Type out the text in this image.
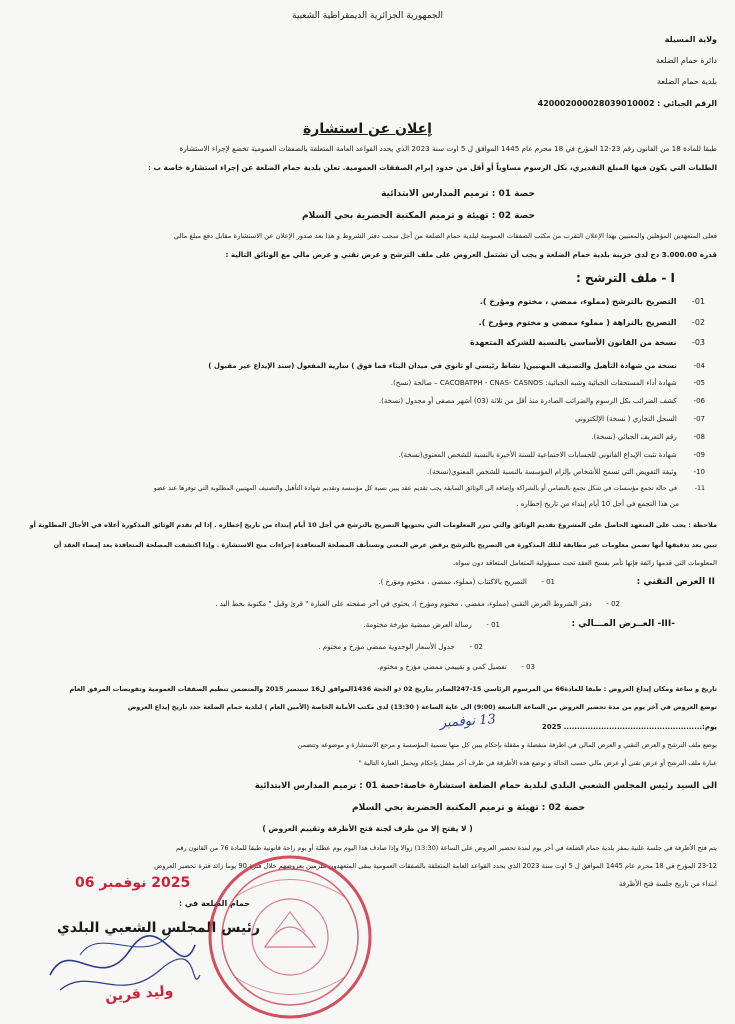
الجمهورية الجزائرية الديمقراطية الشعبية
ولاية المسيلة
دائرة حمام الضلعة
بلدية حمام الضلعة
الرقم الجبائي : 420002000028039010002
إعلان عن استشارة
طبقا للمادة 18 من القانون رقم 23-12 المؤرخ في 18 محرم عام 1445 الموافق ل 5 اوت سنة 2023 الذي يحدد القواعد العامة المتعلقة بالصفقات العمومية تخضع لإجراء الاستشارة
الطلبات التي يكون فيها المبلغ التقديري، بكل الرسوم مساوياً أو أقل من حدود إبرام الصفقات العمومية. تعلن بلدية حمام الضلعة عن إجراء استشارة خاصة ب :
حصة 01 : ترميم المدارس الابتدائية
حصة 02 : تهيئة و ترميم المكتبة الحضرية بحي السلام
فعلى المتعهدين المؤهلين والمعنيين بهذا الإعلان التقرب من مكتب الصفقات العمومية لبلدية حمام الضلعة من أجل سحب دفتر الشروط و هذا بعد صدور الإعلان عن الاستشارة مقابل دفع مبلغ مالي
قدره 3.000.00 دج لدى خزينة بلدية حمام الضلعة و يجب أن تشتمل العروض على ملف الترشح و عرض تقني و عرض مالي مع الوثائق التالية :
I - ملف الترشح :
01- التصريح بالترشح (مملوء، ممضي ، مختوم ومؤرخ ).
02- التصريح بالنزاهة ( مملوء ممضي و مختوم ومؤرخ ).
03- نسخة من القانون الأساسي بالنسبة للشركة المتعهدة
04- نسخة من شهادة التأهيل والتصنيف المهنيين( نشاط رئيسي او ثانوي في ميدان البناء فما فوق ) سارية المفعول (سند الإيداع غير مقبول )
05- شهادة أداء المستحقات الجبائية وشبه الجبائية: CACOBATPH - CNAS- CASNOS – صالحة (نسخ).
06- كشف الضرائب بكل الرسوم والضرائب الصادرة منذ أقل من ثلاثة (03) أشهر مصفى أو مجدول (نسخة).
07- السجل التجاري ( نسخة) الإلكتروني
08- رقم التعريف الجبائي (نسخة).
09- شهادة تثبت الإيداع القانوني للحسابات الاجتماعية للسنة الأخيرة بالنسبة للشخص المعنوي(نسخة).
10- وثيقة التفويض التي تسمح للأشخاص بإلزام المؤسسة بالنسبة للشخص المعنوي(نسخة).
11- في حالة تجمع مؤسسات في شكل تجمع بالتضامن أو بالشراكة وإضافة الى الوثائق السابقة يجب تقديم عقد يبين نسبة كل مؤسسة وتقديم شهادة التأهيل والتصنيف المهنيين المطلوبة التي توفرها عند عضو
من هذا التجمع في أجل 10 أيام إبتداء من تاريخ إخطاره .
ملاحظة : يجب على المتعهد الحاصل على المشروع تقديم الوثائق والتي تبرر المعلومات التي يحتويها التصريح بالترشح في أجل 10 أيام إبتداء من تاريخ إخطاره . إذا لم تقدم الوثائق المذكورة أعلاه في الأجال المطلوبة أو
تبين بعد تدقيقها أنها تضمن معلومات غير مطابقة لتلك المذكورة في التصريح بالترشح يرفض عرض المعني وتستأنف المصلحة المتعاقدة إجراءات منح الاستشارة . وإذا اكتشفت المصلحة المتعاقدة بعد إمضاء العقد أن
المعلومات التي قدمها زائفة فإنها تأمر بفسخ العقد تحت مسؤولية المتعامل المتعاقد دون سواه.
II العرض التقني :
01 - التصريح بالاكتتاب (مملوء، ممضي ، مختوم ومؤرخ ).
02 - دفتر الشروط العرض التقني (مملوء، ممضي ، مختوم ومؤرخ )، يحتوي في آخر صفحته على العبارة " قرئ وقبل " مكتوبة بخط اليد .
-III- العــرض المـــالي :
01 - رسالة العرض ممضية مؤرخة مختومة.
02 - جدول الأسعار الوحدوية ممضي مؤرخ و مختوم .
03 - تفصيل كمي و تقييمي ممضي مؤرخ و مختوم.
تاريخ و ساعة ومكان إيداع العروض : طبقا للمادة66 من المرسوم الرئاسي 15-247الصادر بتاريخ 02 ذو الحجة 1436الموافق ل16 سبتمبر 2015 والمتضمن تنظيم الصفقات العمومية وتفويضات المرفق العام
توضع العروض في آخر يوم من مدة تحضير العروض من الساعة التاسعة (9:00) الى غاية الساعة ( 13:30) لدى مكتب الأمانة الخاصة (الأمين العام ) لبلدية حمام الضلعة حدد تاريخ إيداع العروض
يوم:.................................................... 2025
13 نوفمبر
يوضع ملف الترشح و العرض التقني و العرض المالي في اظرفة منفصلة و مقفلة بإحكام يبين كل منها تسمية المؤسسة و مرجع الاستشارة و موضوعه وتتضمن
عبارة ملف الترشح أو عرض تقني أو عرض مالي حسب الحالة و توضع هذه الأظرفة في ظرف آخر مقفل بإحكام ويحمل العبارة التالية "
الى السيد رئيس المجلس الشعبي البلدي لبلدية حمام الضلعة استشارة خاصة:حصة 01 : ترميم المدارس الابتدائية
حصة 02 : تهيئة و ترميم المكتبة الحضرية بحي السلام
( لا يفتح إلا من طرف لجنة فتح الأظرفة وتقييم العروض )
يتم فتح الأظرفة في جلسة علنية بمقر بلدية حمام الضلعة في آخر يوم لمدة تحضير العروض على الساعة (13:30) زوالا وإذا صادف هذا اليوم يوم عطلة أو يوم راحة قانونية طبقا للمادة 76 من القانون رقم
23-12 المؤرخ في 18 محرم عام 1445 الموافق ل 5 اوت سنة 2023 الذي يحدد القواعد العامة المتعلقة بالصفقات العمومية يبقى المتعهدون ملزمين بعروضهم خلال فترة 90 يوما زائد فترة تحضير العروض
ابتداء من تاريخ جلسة فتح الأظرفة
2025 نوفمبر 06
حمام الضلعة في :
رئيس المجلس الشعبي البلدي
وليد قرين
